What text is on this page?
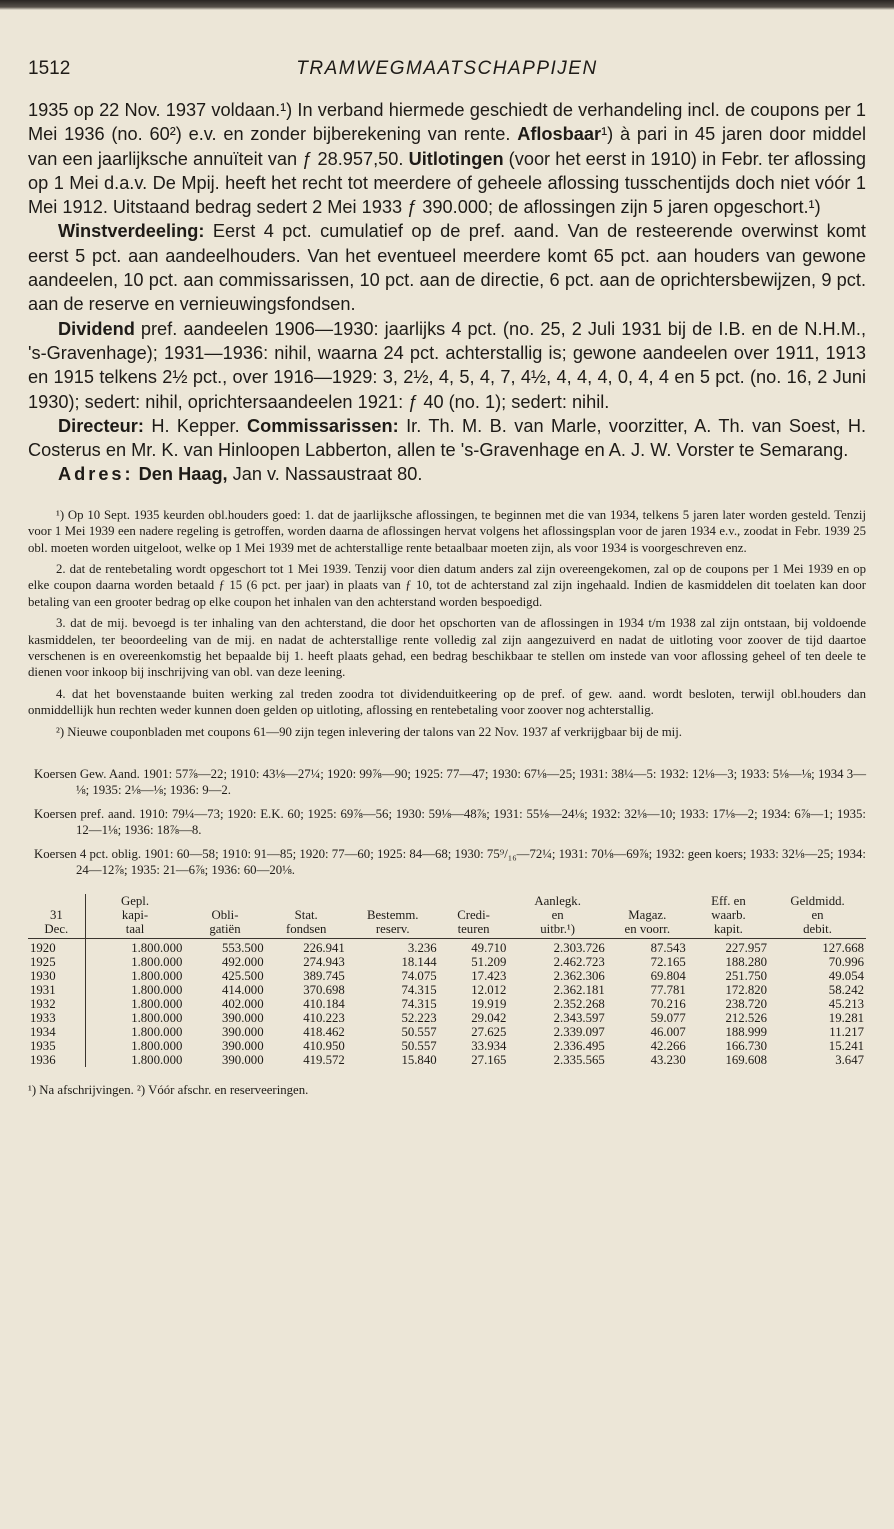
1512	TRAMWEGMAATSCHAPPIJEN

1935 op 22 Nov. 1937 voldaan.¹) In verband hiermede geschiedt de verhandeling incl. de coupons per 1 Mei 1936 (no. 60²) e.v. en zonder bijberekening van rente. Aflosbaar¹) à pari in 45 jaren door middel van een jaarlijksche annuïteit van ƒ 28.957,50. Uitlotingen (voor het eerst in 1910) in Febr. ter aflossing op 1 Mei d.a.v. De Mpij. heeft het recht tot meerdere of geheele aflossing tusschentijds doch niet vóór 1 Mei 1912. Uitstaand bedrag sedert 2 Mei 1933 ƒ 390.000; de aflossingen zijn 5 jaren opgeschort.¹)

Winstverdeeling: Eerst 4 pct. cumulatief op de pref. aand. Van de resteerende overwinst komt eerst 5 pct. aan aandeelhouders. Van het eventueel meerdere komt 65 pct. aan houders van gewone aandeelen, 10 pct. aan commissarissen, 10 pct. aan de directie, 6 pct. aan de oprichtersbewijzen, 9 pct. aan de reserve en vernieuwingsfondsen.

Dividend pref. aandeelen 1906—1930: jaarlijks 4 pct. (no. 25, 2 Juli 1931 bij de I.B. en de N.H.M., 's-Gravenhage); 1931—1936: nihil, waarna 24 pct. achterstallig is; gewone aandeelen over 1911, 1913 en 1915 telkens 2½ pct., over 1916—1929: 3, 2½, 4, 5, 4, 7, 4½, 4, 4, 4, 0, 4, 4 en 5 pct. (no. 16, 2 Juni 1930); sedert: nihil, oprichtersaandeelen 1921: ƒ 40 (no. 1); sedert: nihil.

Directeur: H. Kepper. Commissarissen: Ir. Th. M. B. van Marle, voorzitter, A. Th. van Soest, H. Costerus en Mr. K. van Hinloopen Labberton, allen te 's-Gravenhage en A. J. W. Vorster te Semarang.

Adres: Den Haag, Jan v. Nassaustraat 80.

¹) Op 10 Sept. 1935 keurden obl.houders goed: 1. dat de jaarlijksche aflossingen, te beginnen met die van 1934, telkens 5 jaren later worden gesteld. Tenzij voor 1 Mei 1939 een nadere regeling is getroffen, worden daarna de aflossingen hervat volgens het aflossingsplan voor de jaren 1934 e.v., zoodat in Febr. 1939 25 obl. moeten worden uitgeloot, welke op 1 Mei 1939 met de achterstallige rente betaalbaar moeten zijn, als voor 1934 is voorgeschreven enz.

2. dat de rentebetaling wordt opgeschort tot 1 Mei 1939. Tenzij voor dien datum anders zal zijn overeengekomen, zal op de coupons per 1 Mei 1939 en op elke coupon daarna worden betaald ƒ 15 (6 pct. per jaar) in plaats van ƒ 10, tot de achterstand zal zijn ingehaald. Indien de kasmiddelen dit toelaten kan door betaling van een grooter bedrag op elke coupon het inhalen van den achterstand worden bespoedigd.

3. dat de mij. bevoegd is ter inhaling van den achterstand, die door het opschorten van de aflossingen in 1934 t/m 1938 zal zijn ontstaan, bij voldoende kasmiddelen, ter beoordeeling van de mij. en nadat de achterstallige rente volledig zal zijn aangezuiverd en nadat de uitloting voor zoover de tijd daartoe verschenen is en overeenkomstig het bepaalde bij 1. heeft plaats gehad, een bedrag beschikbaar te stellen om instede van voor aflossing geheel of ten deele te dienen voor inkoop bij inschrijving van obl. van deze leening.

4. dat het bovenstaande buiten werking zal treden zoodra tot dividenduitkeering op de pref. of gew. aand. wordt besloten, terwijl obl.houders dan onmiddellijk hun rechten weder kunnen doen gelden op uitloting, aflossing en rentebetaling voor zoover nog achterstallig.

²) Nieuwe couponbladen met coupons 61—90 zijn tegen inlevering der talons van 22 Nov. 1937 af verkrijgbaar bij de mij.

Koersen Gew. Aand. 1901: 57⅞—22; 1910: 43⅛—27¼; 1920: 99⅞—90; 1925: 77—47; 1930: 67⅛—25; 1931: 38¼—5: 1932: 12⅛—3; 1933: 5⅛—⅛; 1934 3—⅛; 1935: 2⅛—⅛; 1936: 9—2.

Koersen pref. aand. 1910: 79¼—73; 1920: E.K. 60; 1925: 69⅞—56; 1930: 59⅛—48⅞; 1931: 55⅛—24⅛; 1932: 32⅛—10; 1933: 17⅛—2; 1934: 6⅞—1; 1935: 12—1⅛; 1936: 18⅞—8.

Koersen 4 pct. oblig. 1901: 60—58; 1910: 91—85; 1920: 77—60; 1925: 84—68; 1930: 75⁹/₁₆—72¼; 1931: 70⅛—69⅞; 1932: geen koers; 1933: 32⅛—25; 1934: 24—12⅞; 1935: 21—6⅞; 1936: 60—20⅛.

	Gepl.					Aanlegk.		Eff. en	Geldmidd.
31	kapi-	Obli-	Stat.	Bestemm.	Credi-	en	Magaz.	waarb.	en
Dec.	taal	gatiën	fondsen	reserv.	teuren	uitbr.¹)	en voorr.	kapit.	debit.
1920	1.800.000	553.500	226.941	3.236	49.710	2.303.726	87.543	227.957	127.668
1925	1.800.000	492.000	274.943	18.144	51.209	2.462.723	72.165	188.280	70.996
1930	1.800.000	425.500	389.745	74.075	17.423	2.362.306	69.804	251.750	49.054
1931	1.800.000	414.000	370.698	74.315	12.012	2.362.181	77.781	172.820	58.242
1932	1.800.000	402.000	410.184	74.315	19.919	2.352.268	70.216	238.720	45.213
1933	1.800.000	390.000	410.223	52.223	29.042	2.343.597	59.077	212.526	19.281
1934	1.800.000	390.000	418.462	50.557	27.625	2.339.097	46.007	188.999	11.217
1935	1.800.000	390.000	410.950	50.557	33.934	2.336.495	42.266	166.730	15.241
1936	1.800.000	390.000	419.572	15.840	27.165	2.335.565	43.230	169.608	3.647
¹) Na afschrijvingen. ²) Vóór afschr. en reserveeringen.
